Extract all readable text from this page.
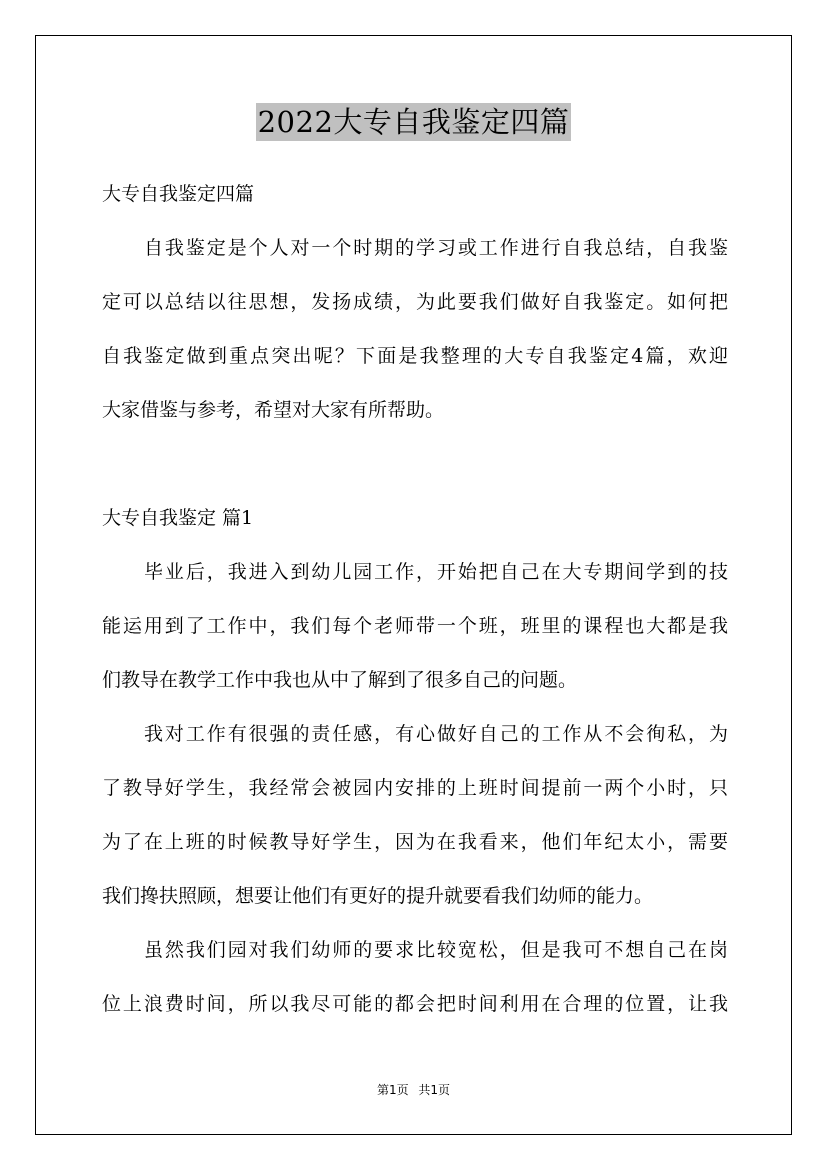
2022大专自我鉴定四篇
大专自我鉴定四篇
自我鉴定是个人对一个时期的学习或工作进行自我总结，自我鉴
定可以总结以往思想，发扬成绩，为此要我们做好自我鉴定。如何把
自我鉴定做到重点突出呢？下面是我整理的大专自我鉴定4篇，欢迎
大家借鉴与参考，希望对大家有所帮助。
大专自我鉴定 篇1
毕业后，我进入到幼儿园工作，开始把自己在大专期间学到的技
能运用到了工作中，我们每个老师带一个班，班里的课程也大都是我
们教导在教学工作中我也从中了解到了很多自己的问题。
我对工作有很强的责任感，有心做好自己的工作从不会徇私，为
了教导好学生，我经常会被园内安排的上班时间提前一两个小时，只
为了在上班的时候教导好学生，因为在我看来，他们年纪太小，需要
我们搀扶照顾，想要让他们有更好的提升就要看我们幼师的能力。
虽然我们园对我们幼师的要求比较宽松，但是我可不想自己在岗
位上浪费时间，所以我尽可能的都会把时间利用在合理的位置，让我
第1页 共1页
